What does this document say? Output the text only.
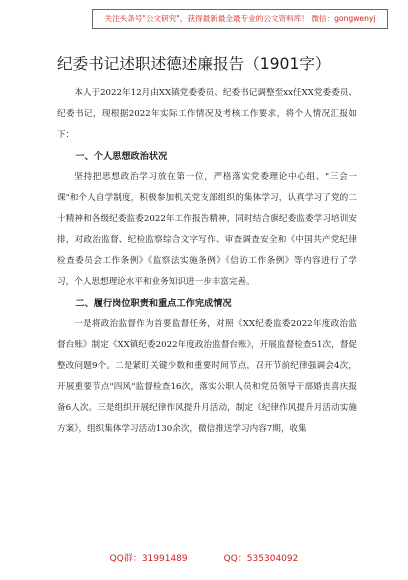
关注头条号"公文研究"，获得最新最全最专业的公文资料库！ 微信：gongwenyj
纪委书记述职述德述廉报告（1901字）

本人于2022年12月由XX镇党委委员、纪委书记调整至xx任XX党委委员、纪委书记，现根据2022年实际工作情况及考核工作要求，将个人情况汇报如下：

一、个人思想政治状况

坚持把思想政治学习放在第一位，严格落实党委理论中心组、"三会一课"和个人自学制度，积极参加机关党支部组织的集体学习，认真学习了党的二十精神和各级纪委监委2022年工作报告精神，同时结合旗纪委监委学习培训安排，对政治监督、纪检监察综合文字写作、审查调查安全和《中国共产党纪律检查委员会工作条例》《监察法实施条例》《信访工作条例》等内容进行了学习，个人思想理论水平和业务知识进一步丰富完善。

二、履行岗位职责和重点工作完成情况

一是将政治监督作为首要监督任务，对照《XX纪委监委2022年度政治监督台账》制定《XX镇纪委2022年度政治监督台账》，开展监督检查51次，督促整改问题9个。二是紧盯关键少数和重要时间节点，召开节前纪律强调会4次，开展重要节点"四风"监督检查16次，落实公职人员和党员领导干部婚丧喜庆报备6人次。三是组织开展纪律作风提升月活动，制定《纪律作风提升月活动实施方案》，组织集体学习活动130余次，微信推送学习内容7期，收集

QQ群：31991489	QQ：535304092
